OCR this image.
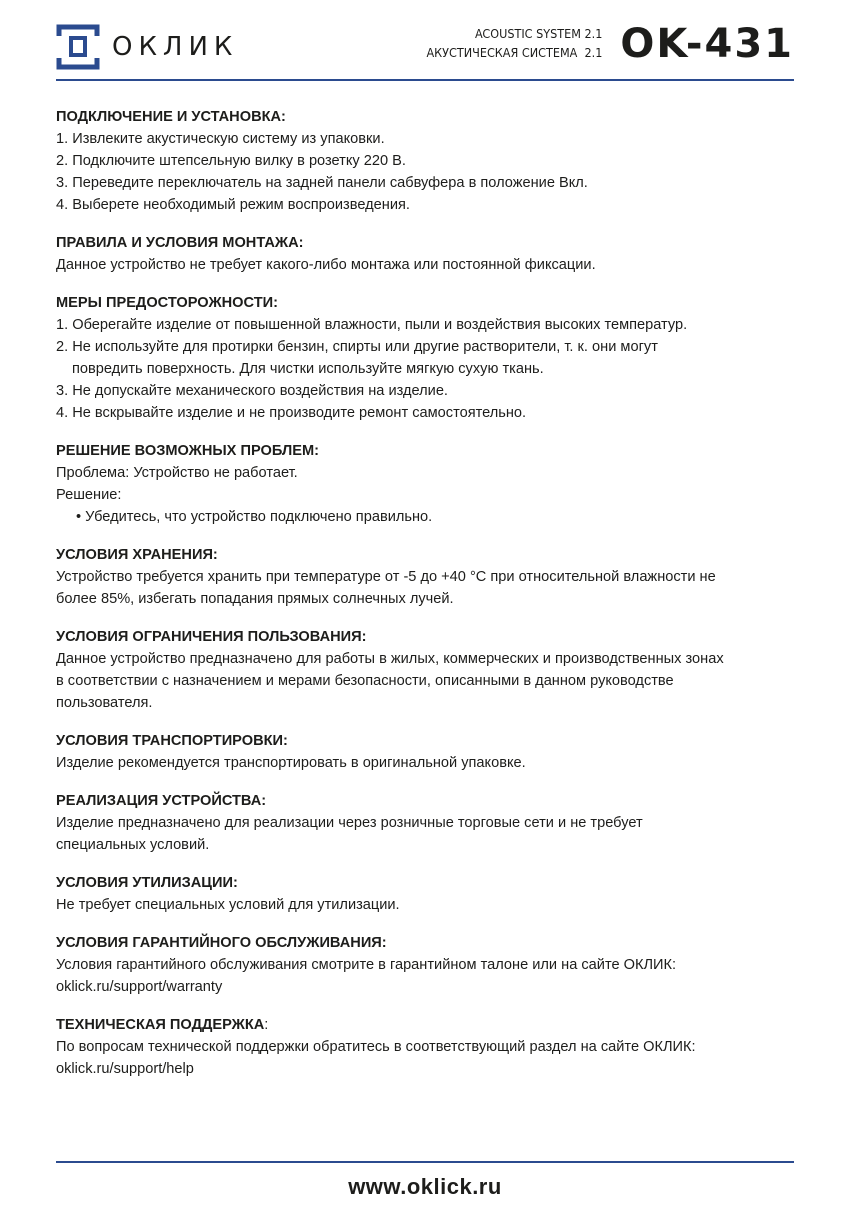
ОКЛИК	ACOUSTIC SYSTEM 2.1
АКУСТИЧЕСКАЯ СИСТЕМА  2.1 OK-431
ПОДКЛЮЧЕНИЕ И УСТАНОВКА:

1. Извлеките акустическую систему из упаковки.

2. Подключите штепсельную вилку в розетку 220 В.

3. Переведите переключатель на задней панели сабвуфера в положение Вкл.

4. Выберете необходимый режим воспроизведения.

ПРАВИЛА И УСЛОВИЯ МОНТАЖА:

Данное устройство не требует какого-либо монтажа или постоянной фиксации.

МЕРЫ ПРЕДОСТОРОЖНОСТИ:

1. Оберегайте изделие от повышенной влажности, пыли и воздействия высоких температур.

2. Не используйте для протирки бензин, спирты или другие растворители, т. к. они могут

повредить поверхность. Для чистки используйте мягкую сухую ткань.

3. Не допускайте механического воздействия на изделие.

4. Не вскрывайте изделие и не производите ремонт самостоятельно.

РЕШЕНИЕ ВОЗМОЖНЫХ ПРОБЛЕМ:

Проблема: Устройство не работает.

Решение:

• Убедитесь, что устройство подключено правильно.

УСЛОВИЯ ХРАНЕНИЯ:

Устройство требуется хранить при температуре от -5 до +40 °С при относительной влажности не

более 85%, избегать попадания прямых солнечных лучей.

УСЛОВИЯ ОГРАНИЧЕНИЯ ПОЛЬЗОВАНИЯ:

Данное устройство предназначено для работы в жилых, коммерческих и производственных зонах

в соответствии с назначением и мерами безопасности, описанными в данном руководстве

пользователя.

УСЛОВИЯ ТРАНСПОРТИРОВКИ:

Изделие рекомендуется транспортировать в оригинальной упаковке.

РЕАЛИЗАЦИЯ УСТРОЙСТВА:

Изделие предназначено для реализации через розничные торговые сети и не требует

специальных условий.

УСЛОВИЯ УТИЛИЗАЦИИ:

Не требует специальных условий для утилизации.

УСЛОВИЯ ГАРАНТИЙНОГО ОБСЛУЖИВАНИЯ:

Условия гарантийного обслуживания смотрите в гарантийном талоне или на сайте ОКЛИК:

oklick.ru/support/warranty

ТЕХНИЧЕСКАЯ ПОДДЕРЖКА:

По вопросам технической поддержки обратитесь в соответствующий раздел на сайте ОКЛИК:

oklick.ru/support/help

www.oklick.ru
